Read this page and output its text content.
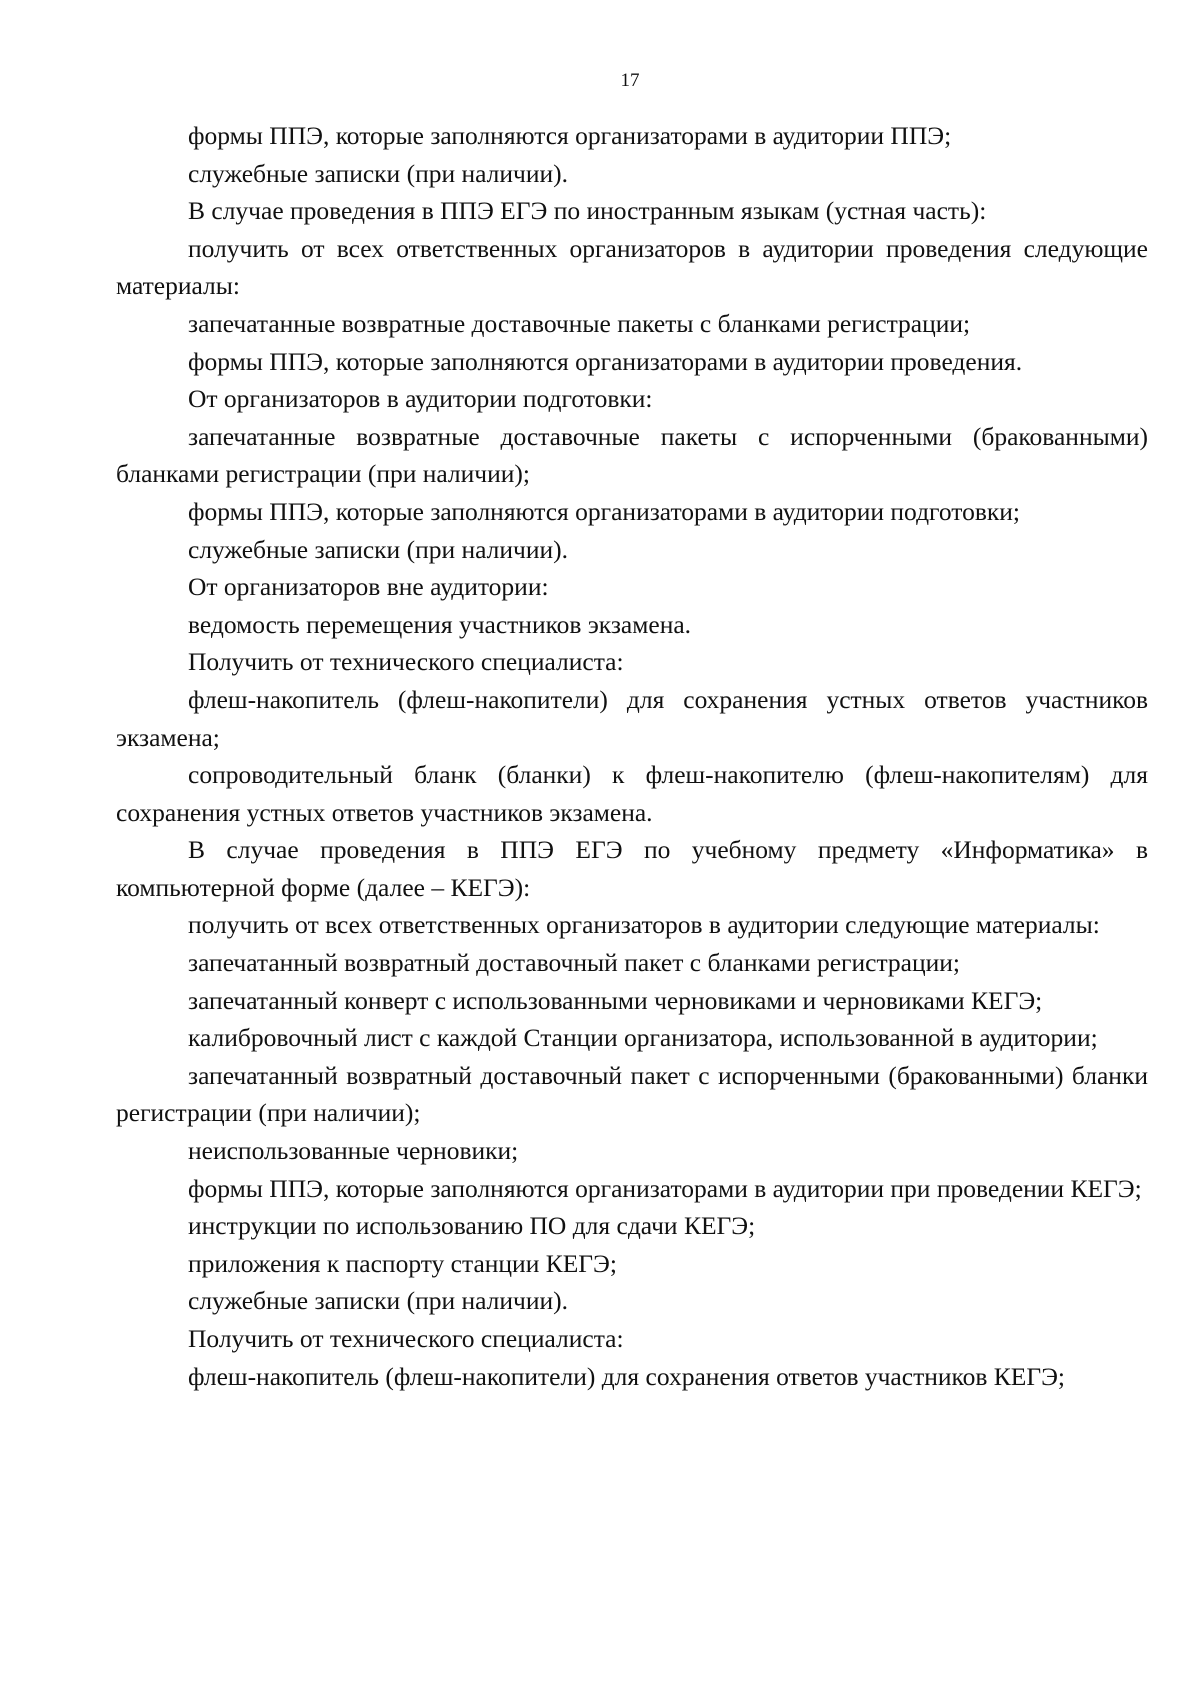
17

формы ППЭ, которые заполняются организаторами в аудитории ППЭ;

служебные записки (при наличии).

В случае проведения в ППЭ ЕГЭ по иностранным языкам (устная часть):

получить от всех ответственных организаторов в аудитории проведения следующие материалы:

запечатанные возвратные доставочные пакеты с бланками регистрации;

формы ППЭ, которые заполняются организаторами в аудитории проведения.

От организаторов в аудитории подготовки:

запечатанные возвратные доставочные пакеты с испорченными (бракованными) бланками регистрации (при наличии);

формы ППЭ, которые заполняются организаторами в аудитории подготовки;

служебные записки (при наличии).

От организаторов вне аудитории:

ведомость перемещения участников экзамена.

Получить от технического специалиста:

флеш-накопитель (флеш-накопители) для сохранения устных ответов участников экзамена;

сопроводительный бланк (бланки) к флеш-накопителю (флеш-накопителям) для сохранения устных ответов участников экзамена.

В случае проведения в ППЭ ЕГЭ по учебному предмету «Информатика» в компьютерной форме (далее – КЕГЭ):

получить от всех ответственных организаторов в аудитории следующие материалы:

запечатанный возвратный доставочный пакет с бланками регистрации;

запечатанный конверт с использованными черновиками и черновиками КЕГЭ;

калибровочный лист с каждой Станции организатора, использованной в аудитории;

запечатанный возвратный доставочный пакет с испорченными (бракованными) бланки регистрации (при наличии);

неиспользованные черновики;

формы ППЭ, которые заполняются организаторами в аудитории при проведении КЕГЭ;

инструкции по использованию ПО для сдачи КЕГЭ;

приложения к паспорту станции КЕГЭ;

служебные записки (при наличии).

Получить от технического специалиста:

флеш-накопитель (флеш-накопители) для сохранения ответов участников КЕГЭ;
